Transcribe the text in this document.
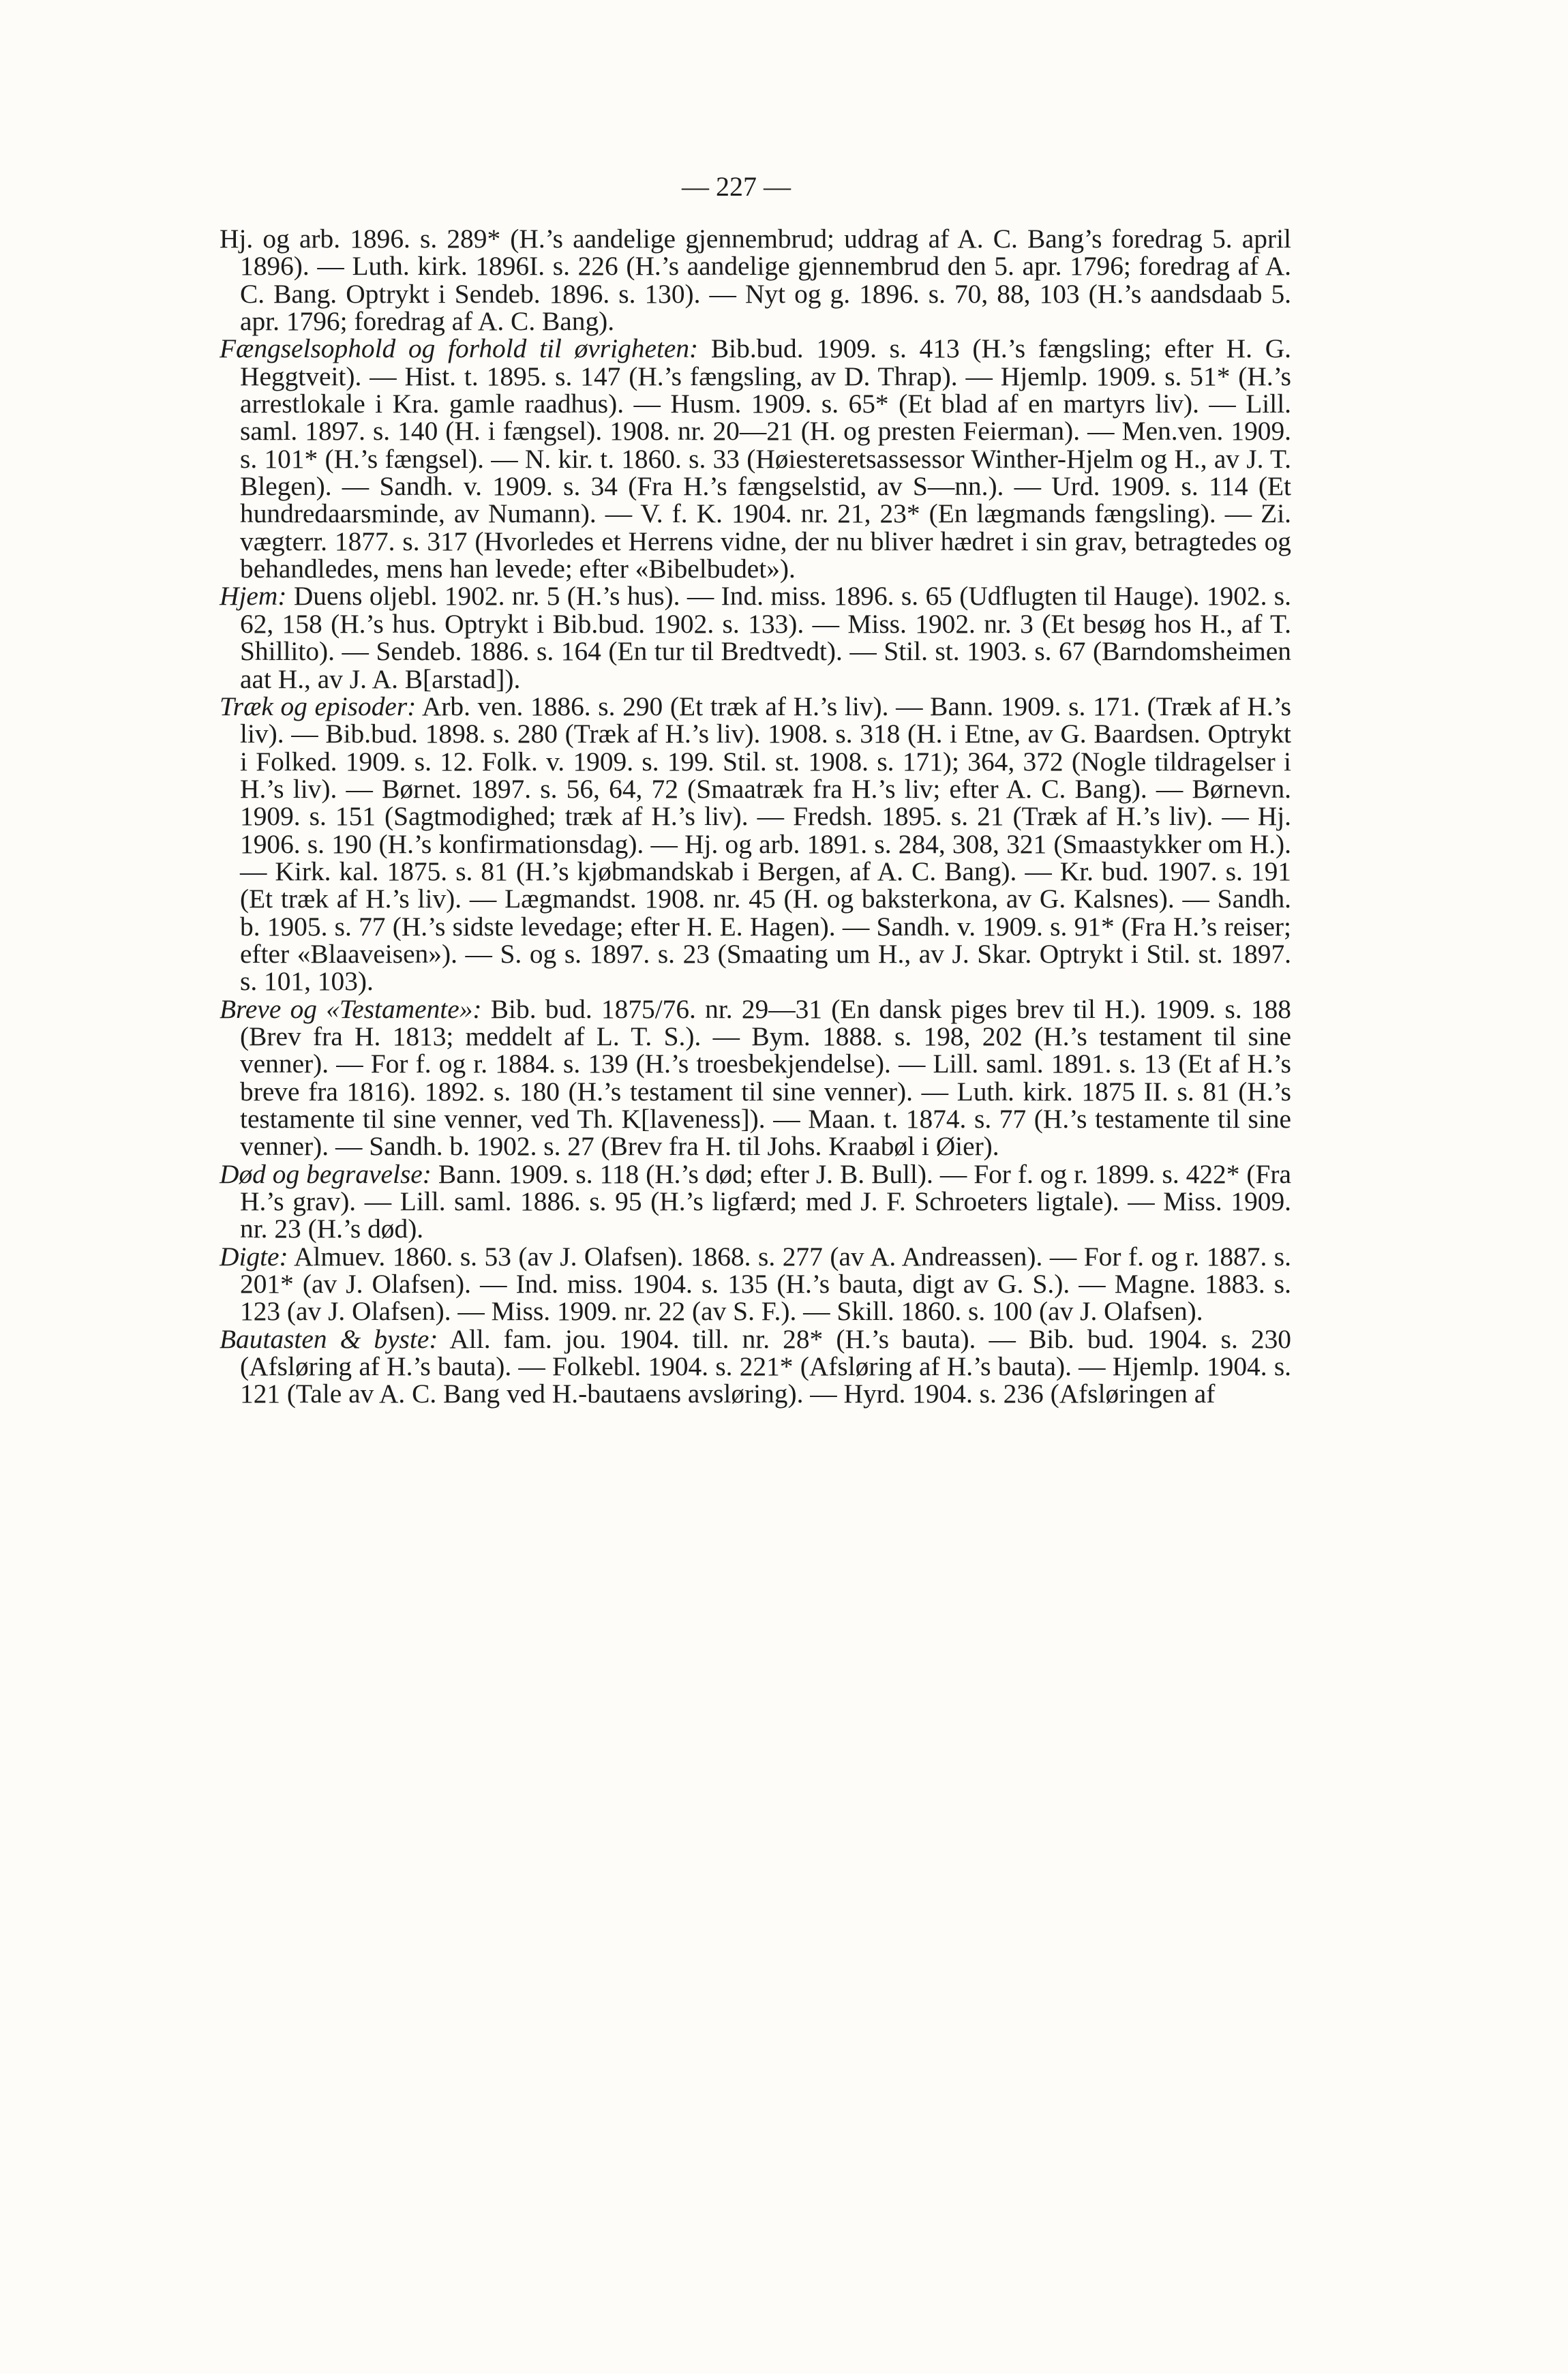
— 227 —

Hj. og arb. 1896. s. 289* (H.’s aandelige gjennembrud; uddrag af A. C. Bang’s foredrag 5. april 1896). — Luth. kirk. 1896I. s. 226 (H.’s aandelige gjennembrud den 5. apr. 1796; foredrag af A. C. Bang. Optrykt i Sendeb. 1896. s. 130). — Nyt og g. 1896. s. 70, 88, 103 (H.’s aandsdaab 5. apr. 1796; foredrag af A. C. Bang).

Fængselsophold og forhold til øvrigheten: Bib.bud. 1909. s. 413 (H.’s fængsling; efter H. G. Heggtveit). — Hist. t. 1895. s. 147 (H.’s fængsling, av D. Thrap). — Hjemlp. 1909. s. 51* (H.’s arrestlokale i Kra. gamle raadhus). — Husm. 1909. s. 65* (Et blad af en martyrs liv). — Lill. saml. 1897. s. 140 (H. i fængsel). 1908. nr. 20—21 (H. og presten Feierman). — Men.ven. 1909. s. 101* (H.’s fængsel). — N. kir. t. 1860. s. 33 (Høiesteretsassessor Winther-Hjelm og H., av J. T. Blegen). — Sandh. v. 1909. s. 34 (Fra H.’s fængselstid, av S—nn.). — Urd. 1909. s. 114 (Et hundredaarsminde, av Numann). — V. f. K. 1904. nr. 21, 23* (En lægmands fængsling). — Zi. vægterr. 1877. s. 317 (Hvorledes et Herrens vidne, der nu bliver hædret i sin grav, betragtedes og behandledes, mens han levede; efter «Bibelbudet»).

Hjem: Duens oljebl. 1902. nr. 5 (H.’s hus). — Ind. miss. 1896. s. 65 (Udflugten til Hauge). 1902. s. 62, 158 (H.’s hus. Optrykt i Bib.bud. 1902. s. 133). — Miss. 1902. nr. 3 (Et besøg hos H., af T. Shillito). — Sendeb. 1886. s. 164 (En tur til Bredtvedt). — Stil. st. 1903. s. 67 (Barndomsheimen aat H., av J. A. B[arstad]).

Træk og episoder: Arb. ven. 1886. s. 290 (Et træk af H.’s liv). — Bann. 1909. s. 171. (Træk af H.’s liv). — Bib.bud. 1898. s. 280 (Træk af H.’s liv). 1908. s. 318 (H. i Etne, av G. Baardsen. Optrykt i Folked. 1909. s. 12. Folk. v. 1909. s. 199. Stil. st. 1908. s. 171); 364, 372 (Nogle tildragelser i H.’s liv). — Børnet. 1897. s. 56, 64, 72 (Smaatræk fra H.’s liv; efter A. C. Bang). — Børnevn. 1909. s. 151 (Sagtmodighed; træk af H.’s liv). — Fredsh. 1895. s. 21 (Træk af H.’s liv). — Hj. 1906. s. 190 (H.’s konfirmationsdag). — Hj. og arb. 1891. s. 284, 308, 321 (Smaastykker om H.). — Kirk. kal. 1875. s. 81 (H.’s kjøbmandskab i Bergen, af A. C. Bang). — Kr. bud. 1907. s. 191 (Et træk af H.’s liv). — Lægmandst. 1908. nr. 45 (H. og baksterkona, av G. Kalsnes). — Sandh. b. 1905. s. 77 (H.’s sidste levedage; efter H. E. Hagen). — Sandh. v. 1909. s. 91* (Fra H.’s reiser; efter «Blaaveisen»). — S. og s. 1897. s. 23 (Smaating um H., av J. Skar. Optrykt i Stil. st. 1897. s. 101, 103).

Breve og «Testamente»: Bib. bud. 1875/76. nr. 29—31 (En dansk piges brev til H.). 1909. s. 188 (Brev fra H. 1813; meddelt af L. T. S.). — Bym. 1888. s. 198, 202 (H.’s testament til sine venner). — For f. og r. 1884. s. 139 (H.’s troesbekjendelse). — Lill. saml. 1891. s. 13 (Et af H.’s breve fra 1816). 1892. s. 180 (H.’s testament til sine venner). — Luth. kirk. 1875 II. s. 81 (H.’s testamente til sine venner, ved Th. K[laveness]). — Maan. t. 1874. s. 77 (H.’s testamente til sine venner). — Sandh. b. 1902. s. 27 (Brev fra H. til Johs. Kraabøl i Øier).

Død og begravelse: Bann. 1909. s. 118 (H.’s død; efter J. B. Bull). — For f. og r. 1899. s. 422* (Fra H.’s grav). — Lill. saml. 1886. s. 95 (H.’s ligfærd; med J. F. Schroeters ligtale). — Miss. 1909. nr. 23 (H.’s død).

Digte: Almuev. 1860. s. 53 (av J. Olafsen). 1868. s. 277 (av A. Andreassen). — For f. og r. 1887. s. 201* (av J. Olafsen). — Ind. miss. 1904. s. 135 (H.’s bauta, digt av G. S.). — Magne. 1883. s. 123 (av J. Olafsen). — Miss. 1909. nr. 22 (av S. F.). — Skill. 1860. s. 100 (av J. Olafsen).

Bautasten & byste: All. fam. jou. 1904. till. nr. 28* (H.’s bauta). — Bib. bud. 1904. s. 230 (Afsløring af H.’s bauta). — Folkebl. 1904. s. 221* (Afsløring af H.’s bauta). — Hjemlp. 1904. s. 121 (Tale av A. C. Bang ved H.-bautaens avsløring). — Hyrd. 1904. s. 236 (Afsløringen af
